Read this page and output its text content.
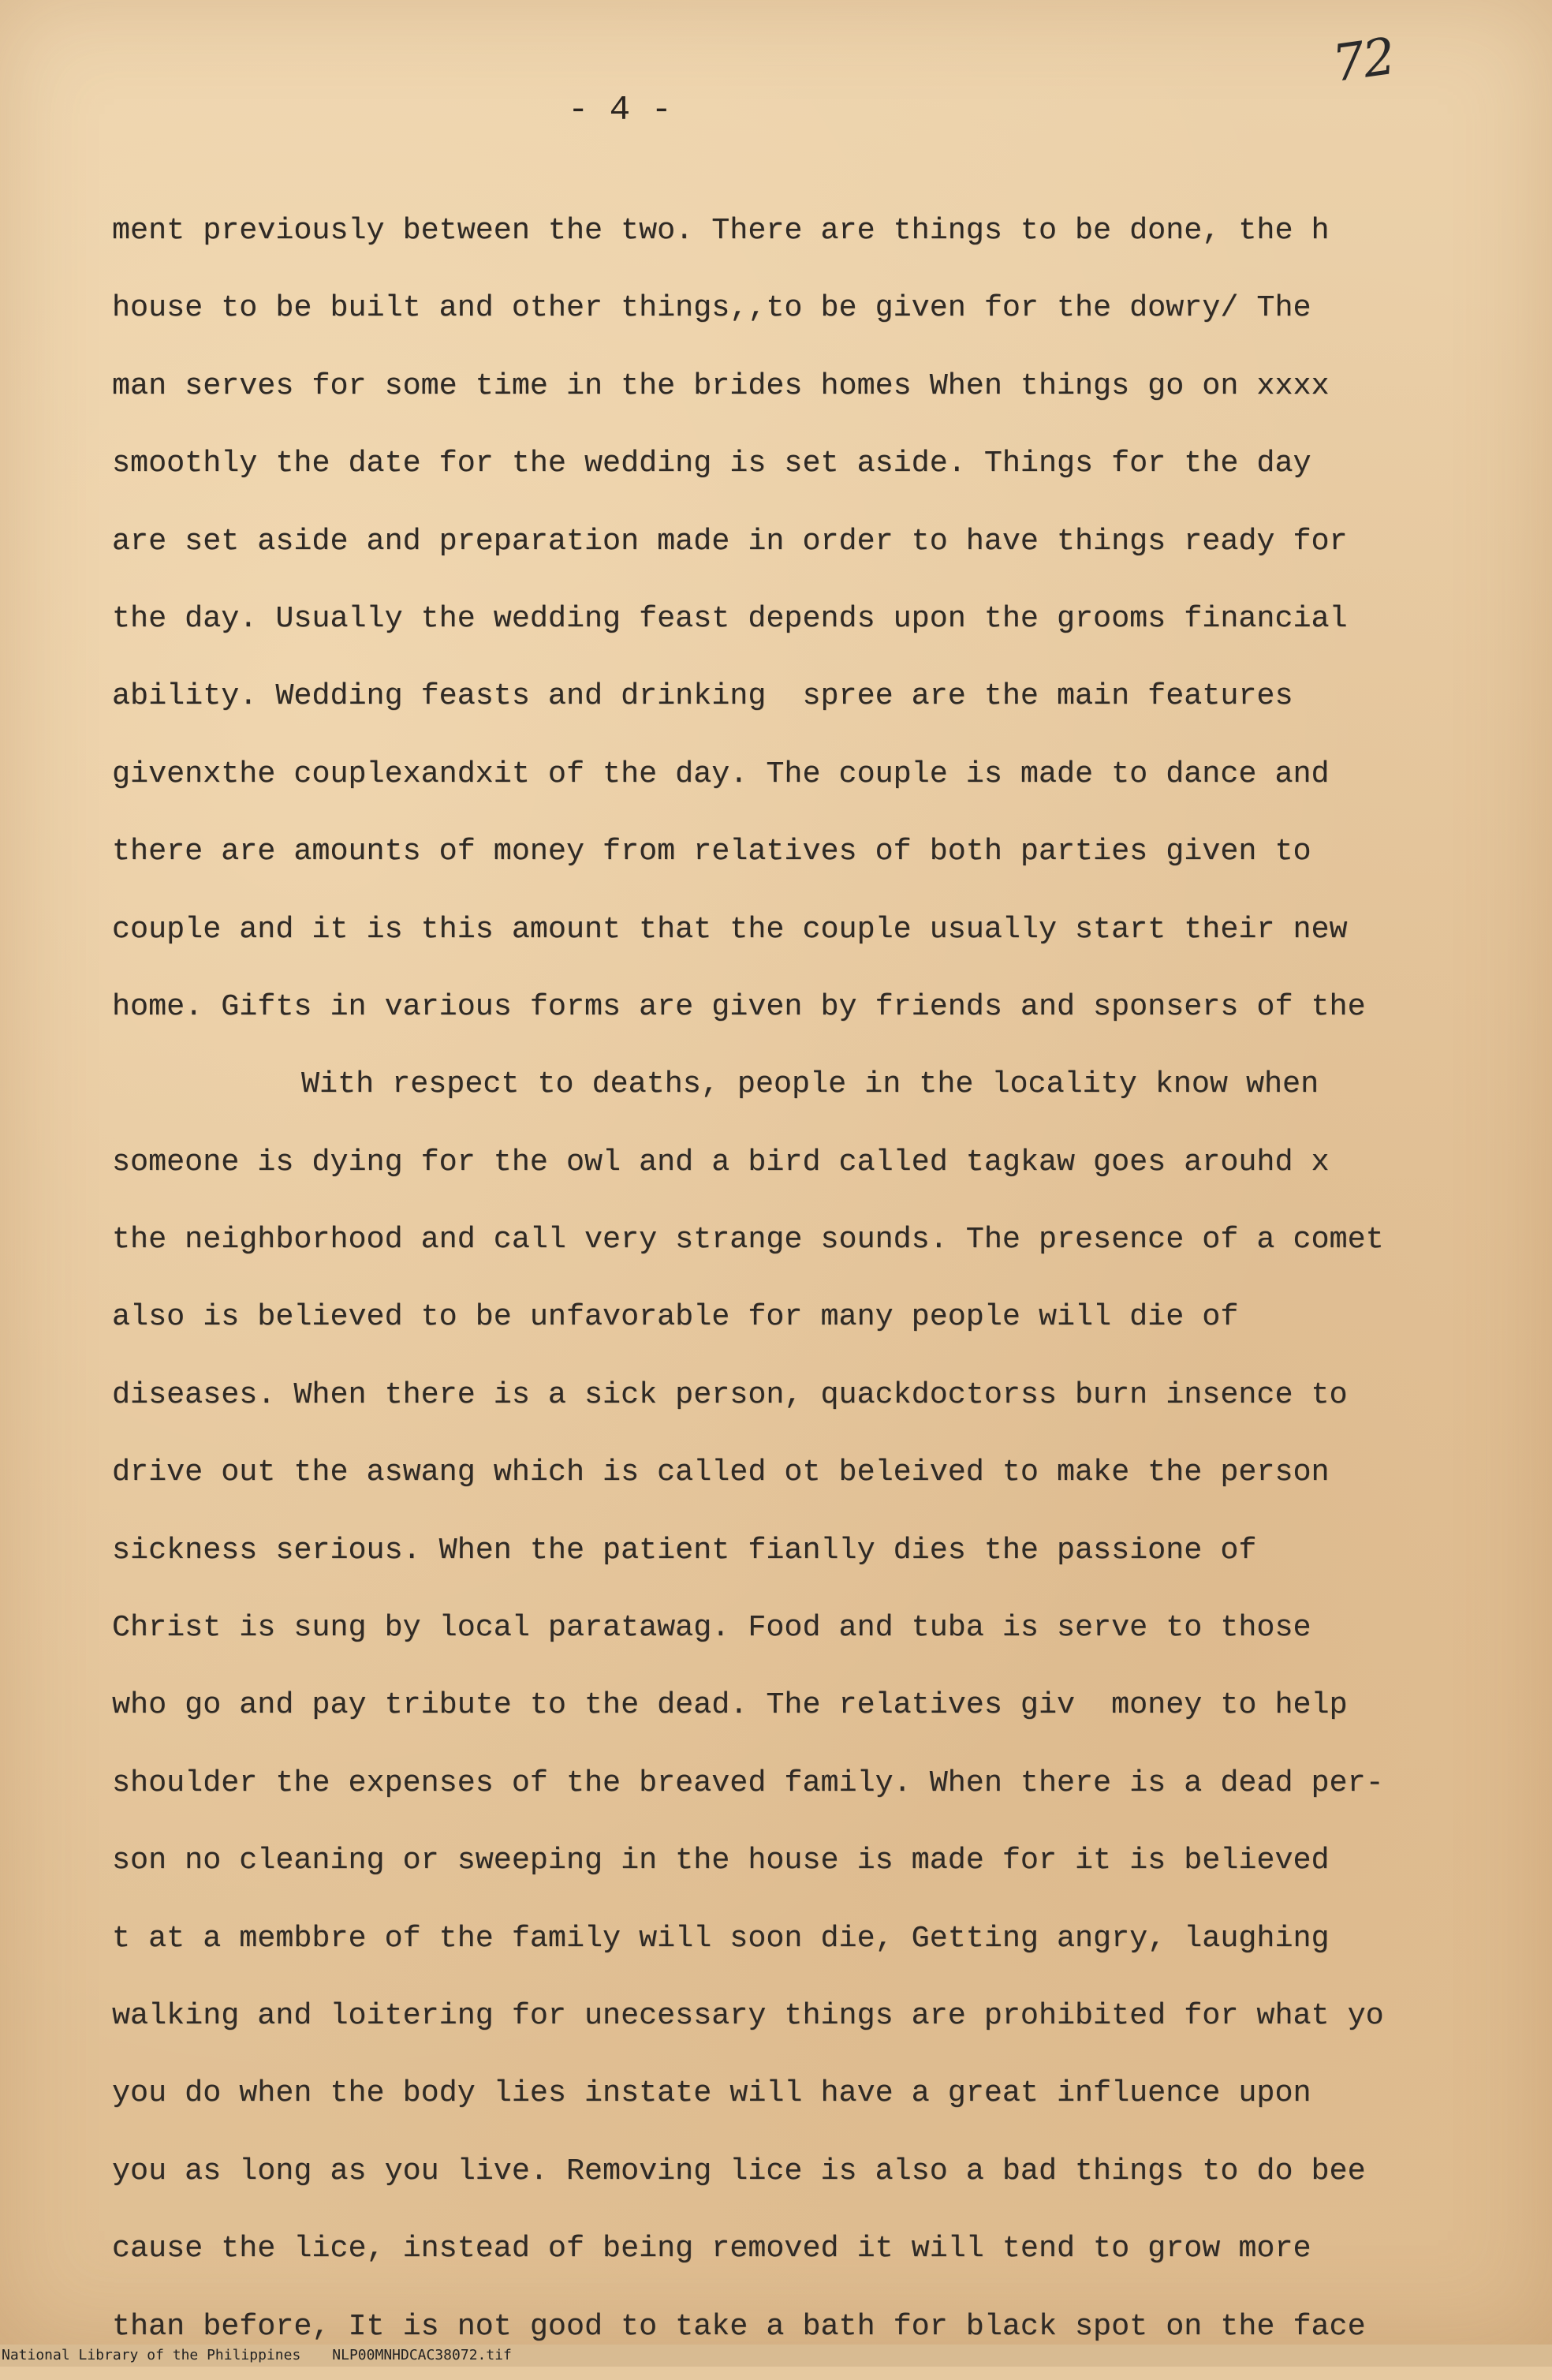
72
- 4 -
ment previously between the two. There are things to be done, the h
house to be built and other things,,to be given for the dowry/ The
man serves for some time in the brides homes When things go on xxxx
smoothly the date for the wedding is set aside. Things for the day
are set aside and preparation made in order to have things ready for
the day. Usually the wedding feast depends upon the grooms financial
ability. Wedding feasts and drinking  spree are the main features
givenxthe couplexandxit of the day. The couple is made to dance and
there are amounts of money from relatives of both parties given to
couple and it is this amount that the couple usually start their new
home. Gifts in various forms are given by friends and sponsers of the
With respect to deaths, people in the locality know when
someone is dying for the owl and a bird called tagkaw goes arouhd x
the neighborhood and call very strange sounds. The presence of a comet
also is believed to be unfavorable for many people will die of
diseases. When there is a sick person, quackdoctorss burn insence to
drive out the aswang which is called ot beleived to make the person
sickness serious. When the patient fianlly dies the passione of
Christ is sung by local paratawag. Food and tuba is serve to those
who go and pay tribute to the dead. The relatives giv  money to help
shoulder the expenses of the breaved family. When there is a dead per-
son no cleaning or sweeping in the house is made for it is believed
t at a membbre of the family will soon die, Getting angry, laughing
walking and loitering for unecessary things are prohibited for what yo
you do when the body lies instate will have a great influence upon
you as long as you live. Removing lice is also a bad things to do bee
cause the lice, instead of being removed it will tend to grow more
than before, It is not good to take a bath for black spot on the face
National Library of the Philippines NLP00MNHDCAC38072.tif
